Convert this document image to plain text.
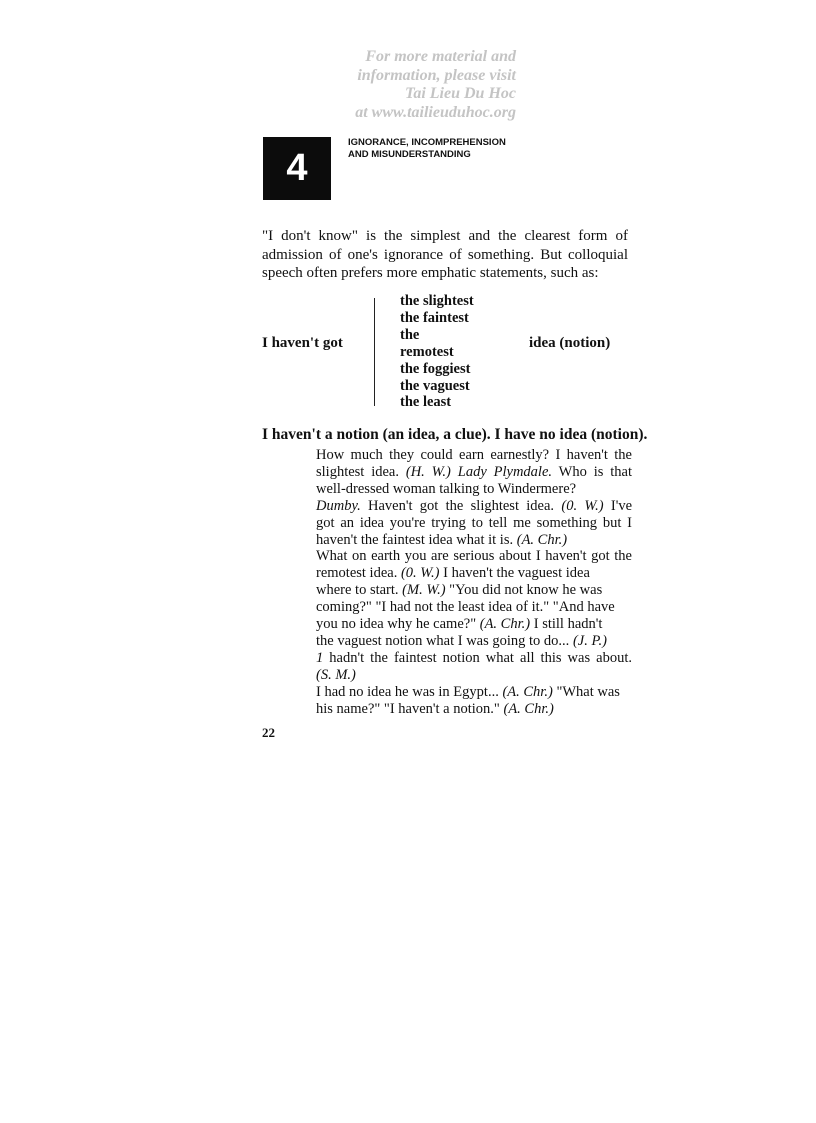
For more material and
information, please visit
Tai Lieu Du Hoc
at www.tailieuduhoc.org
4
IGNORANCE, INCOMPREHENSION
AND MISUNDERSTANDING

"I don't know" is the simplest and the clearest form of admission of one's ignorance of something. But colloquial speech often prefers more emphatic statements, such as:

I haven't got
the slightest
the faintest
the
remotest
the foggiest
the vaguest
the least
idea (notion)
I haven't a notion (an idea, a clue). I have no idea (notion).
How much they could earn earnestly? I haven't the
slightest idea. (H. W.) Lady Plymdale. Who is that
well-dressed woman talking to Windermere?
Dumby. Haven't got the slightest idea. (0. W.) I've
got an idea you're trying to tell me something but I
haven't the faintest idea what it is. (A. Chr.)
What on earth you are serious about I haven't got the
remotest idea. (0. W.) I haven't the vaguest idea
where to start. (M. W.) "You did not know he was
coming?" "I had not the least idea of it." "And have
you no idea why he came?" (A. Chr.) I still hadn't
the vaguest notion what I was going to do... (J. P.)
1 hadn't the faintest notion what all this was about.
(S. M.)
I had no idea he was in Egypt... (A. Chr.) "What was
his name?" "I haven't a notion." (A. Chr.)
22
